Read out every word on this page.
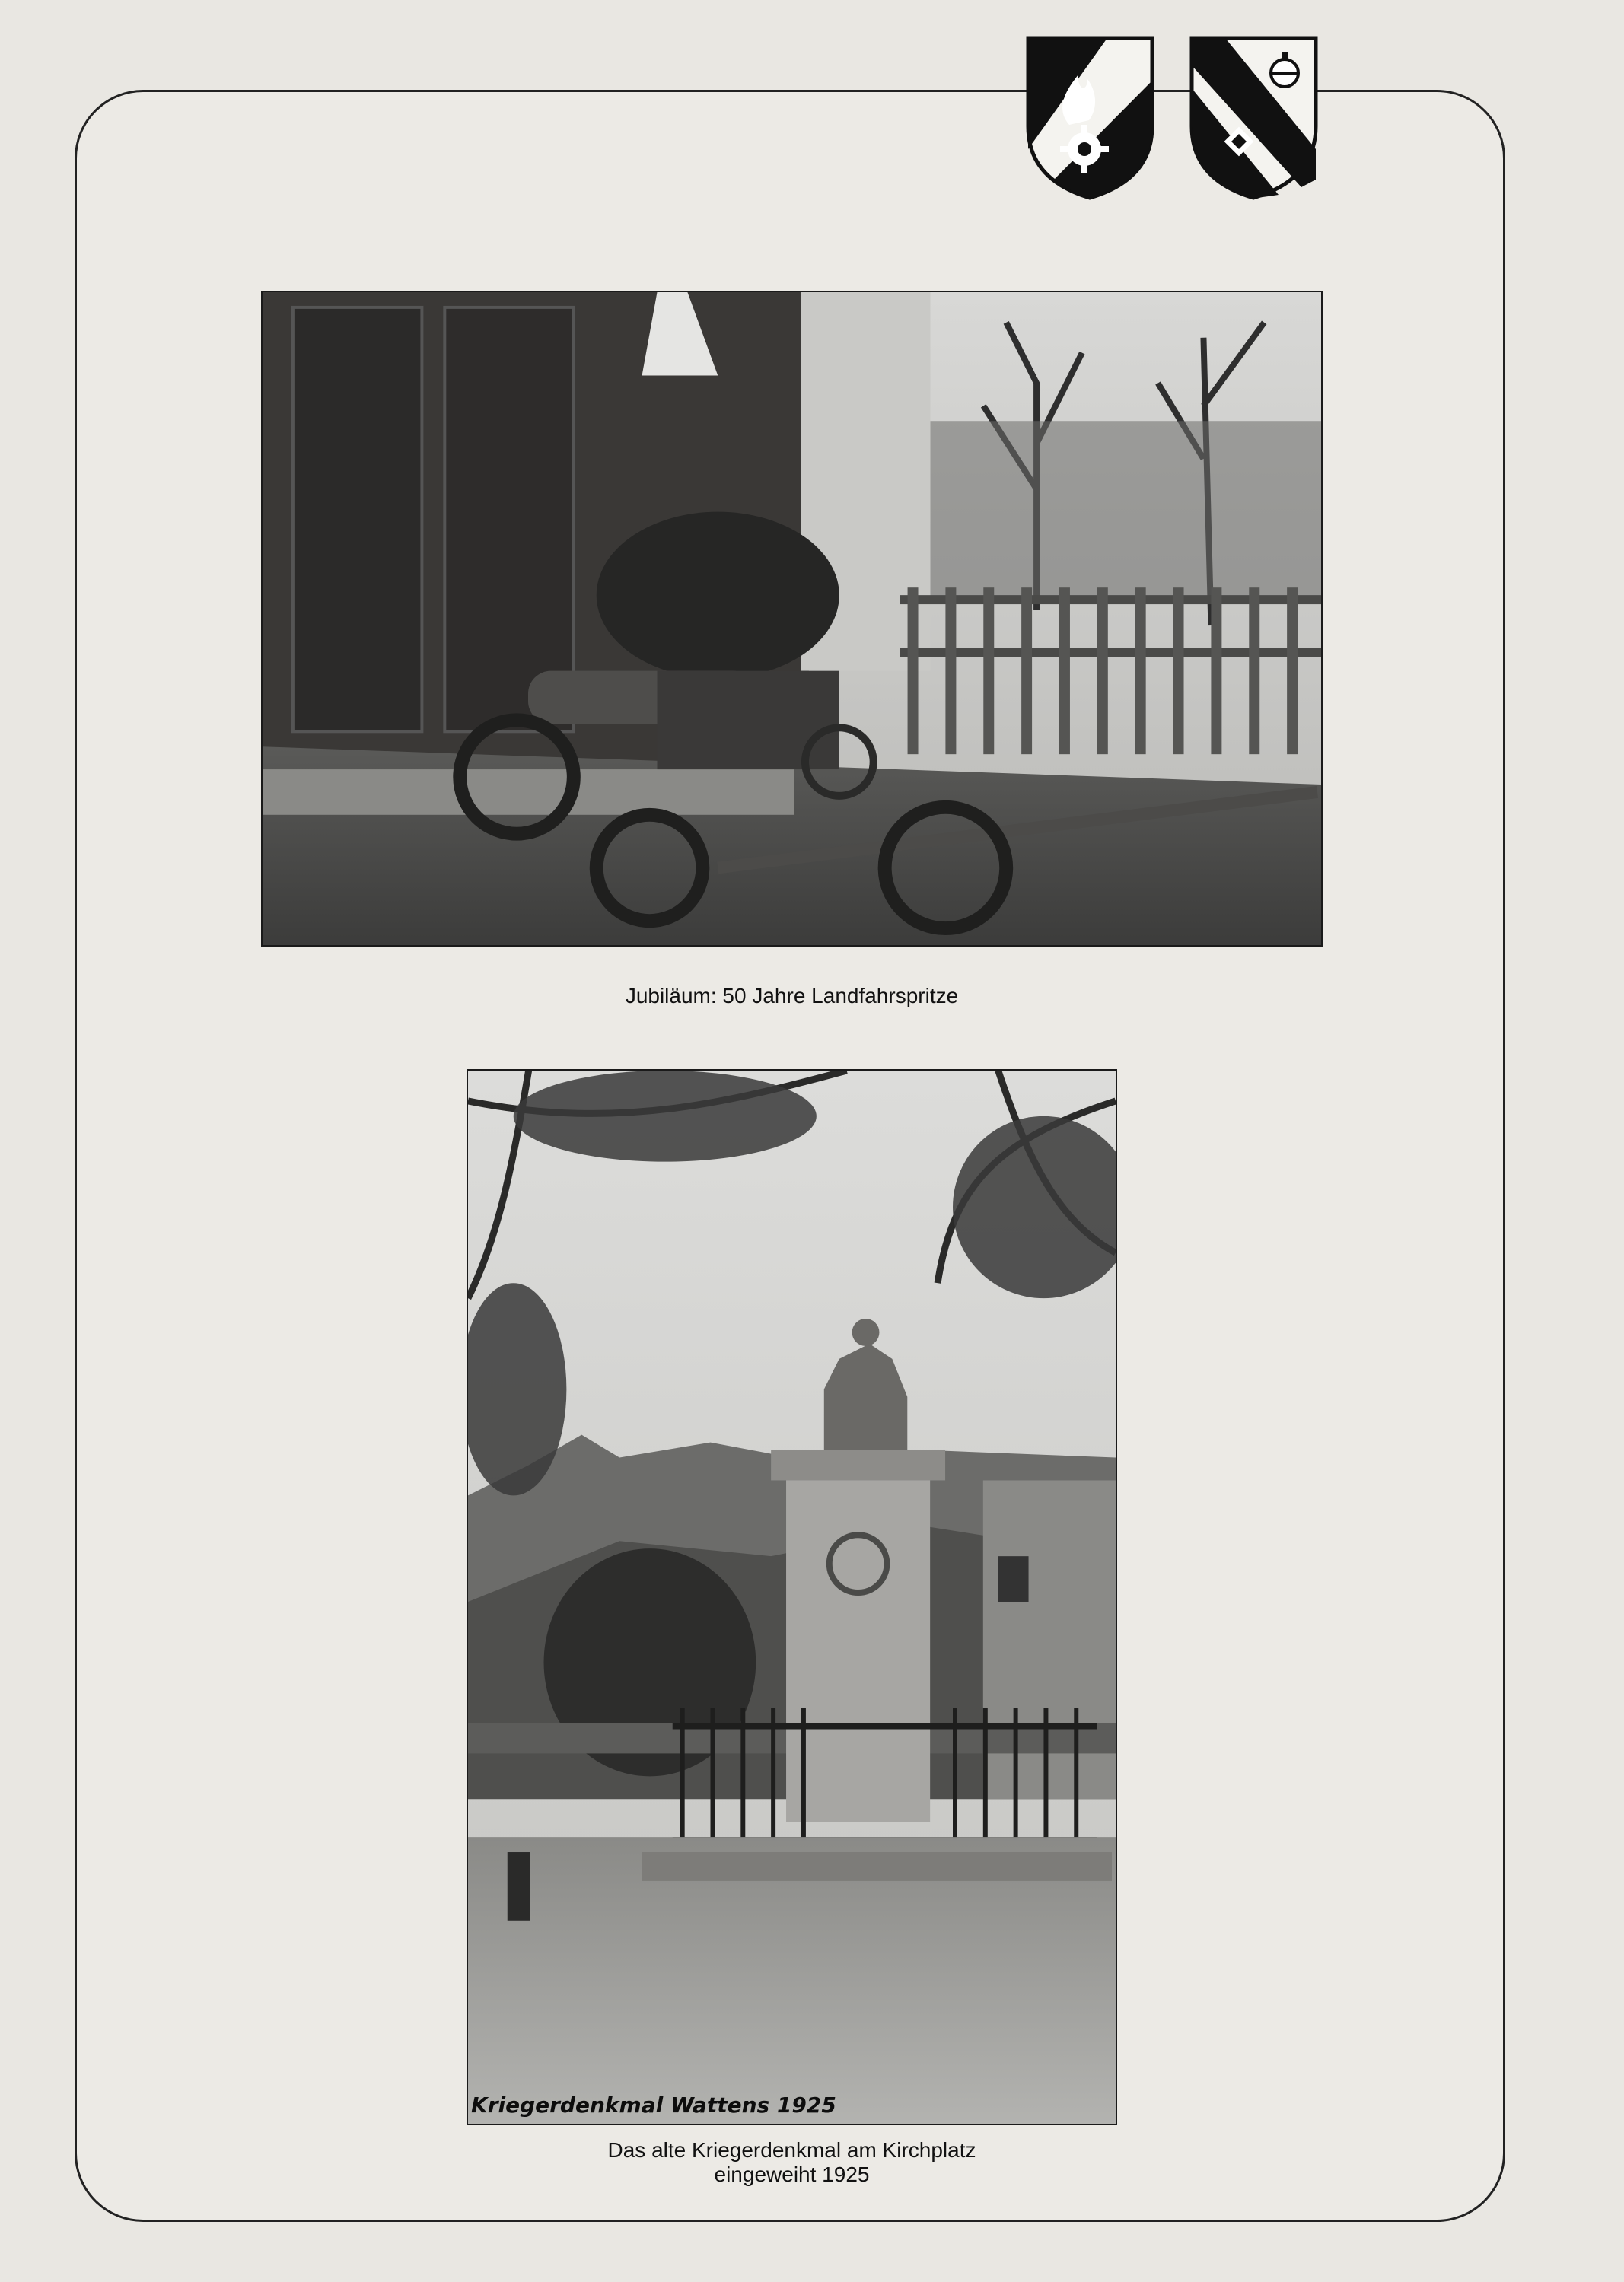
Jubiläum: 50 Jahre Landfahrspritze
Kriegerdenkmal Wattens 1925
Das alte Kriegerdenkmal am Kirchplatz
eingeweiht 1925
